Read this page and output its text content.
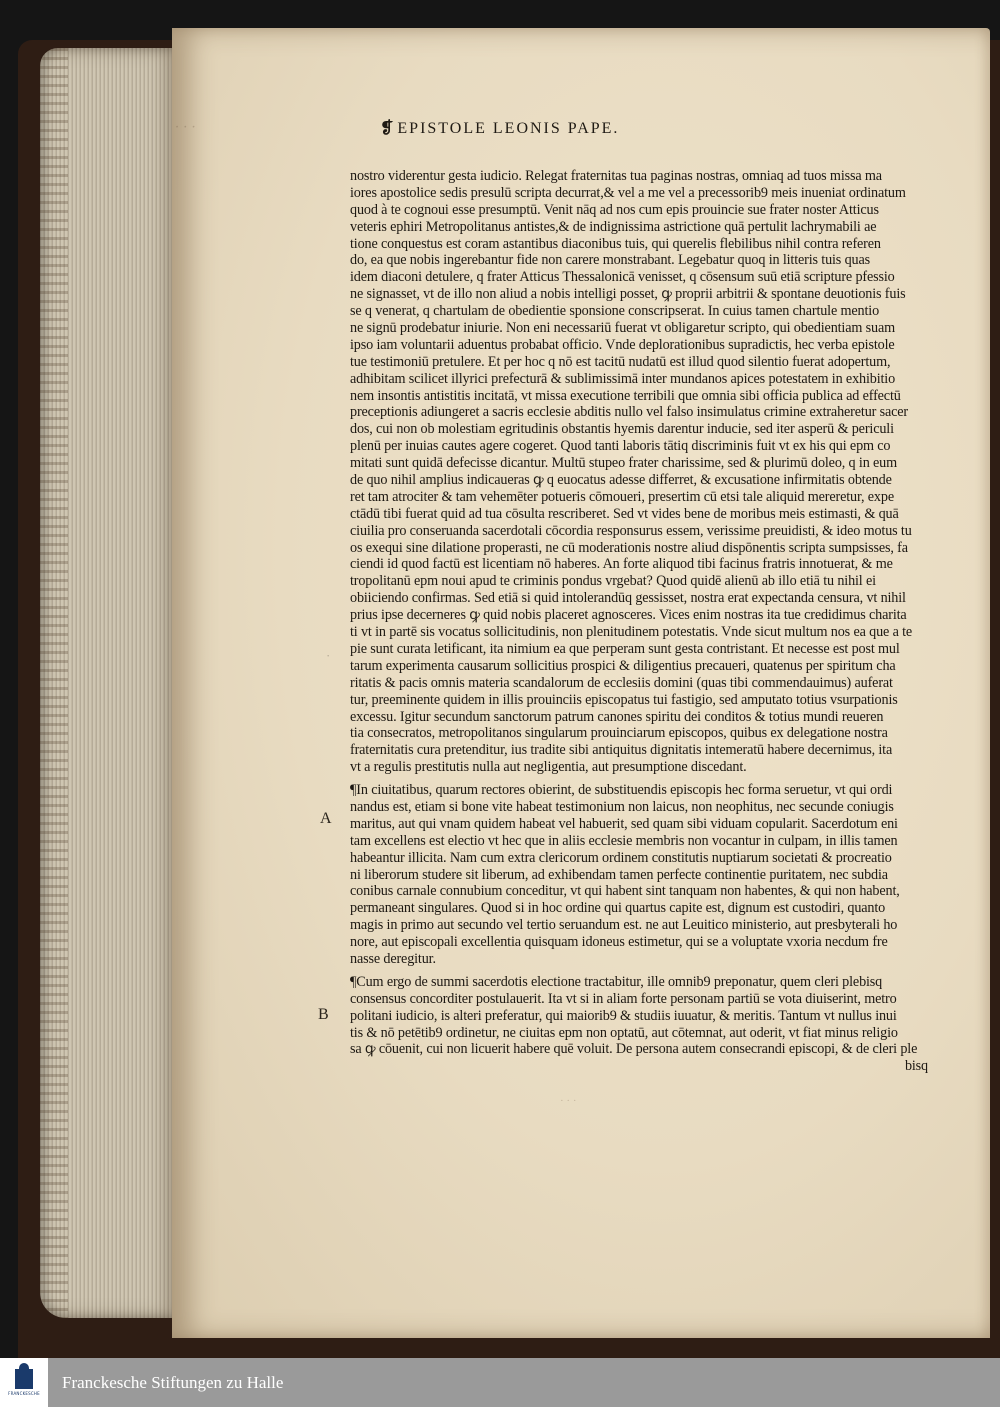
· · ·	❡ EPISTOLE LEONIS PAPE.
nostro viderentur gesta iudicio. Relegat fraternitas tua paginas nostras, omniaq ad tuos missa ma
iores apostolice sedis presulū scripta decurrat,& vel a me vel a precessorib9 meis inueniat ordinatum
quod à te cognoui esse presumptū. Venit nāq ad nos cum epis prouincie sue frater noster Atticus
veteris ephiri Metropolitanus antistes,& de indignissima astrictione quā pertulit lachrymabili ae
tione conquestus est coram astantibus diaconibus tuis, qui querelis flebilibus nihil contra referen
do, ea que nobis ingerebantur fide non carere monstrabant. Legebatur quoq in litteris tuis quas
idem diaconi detulere, q frater Atticus Thessalonicā venisset, q cōsensum suū etiā scripture pfessio
ne signasset, vt de illo non aliud a nobis intelligi posset, ꝙ proprii arbitrii & spontane deuotionis fuis
se q venerat, q chartulam de obedientie sponsione conscripserat. In cuius tamen chartule mentio
ne signū prodebatur iniurie. Non eni necessariū fuerat vt obligaretur scripto, qui obedientiam suam
ipso iam voluntarii aduentus probabat officio. Vnde deplorationibus supradictis, hec verba epistole
tue testimoniū pretulere. Et per hoc q nō est tacitū nudatū est illud quod silentio fuerat adopertum,
adhibitam scilicet illyrici prefecturā & sublimissimā inter mundanos apices potestatem in exhibitio
nem insontis antistitis incitatā, vt missa executione terribili que omnia sibi officia publica ad effectū
preceptionis adiungeret a sacris ecclesie abditis nullo vel falso insimulatus crimine extraheretur sacer
dos, cui non ob molestiam egritudinis obstantis hyemis darentur inducie, sed iter asperū & periculi
plenū per inuias cautes agere cogeret. Quod tanti laboris tātiq discriminis fuit vt ex his qui epm co
mitati sunt quidā defecisse dicantur. Multū stupeo frater charissime, sed & plurimū doleo, q in eum
de quo nihil amplius indicaueras ꝙ q euocatus adesse differret, & excusatione infirmitatis obtende
ret tam atrociter & tam vehemēter potueris cōmoueri, presertim cū etsi tale aliquid mereretur, expe
ctādū tibi fuerat quid ad tua cōsulta rescriberet. Sed vt vides bene de moribus meis estimasti, & quā
ciuilia pro conseruanda sacerdotali cōcordia responsurus essem, verissime preuidisti, & ideo motus tu
os exequi sine dilatione properasti, ne cū moderationis nostre aliud dispōnentis scripta sumpsisses, fa
ciendi id quod factū est licentiam nō haberes. An forte aliquod tibi facinus fratris innotuerat, & me
tropolitanū epm noui apud te criminis pondus vrgebat? Quod quidē alienū ab illo etiā tu nihil ei
obiiciendo confirmas. Sed etiā si quid intolerandūq gessisset, nostra erat expectanda censura, vt nihil
prius ipse decerneres ꝙ quid nobis placeret agnosceres. Vices enim nostras ita tue credidimus charita
ti vt in partē sis vocatus sollicitudinis, non plenitudinem potestatis. Vnde sicut multum nos ea que a te
pie sunt curata letificant, ita nimium ea que perperam sunt gesta contristant. Et necesse est post mul
tarum experimenta causarum sollicitius prospici & diligentius precaueri, quatenus per spiritum cha
ritatis & pacis omnis materia scandalorum de ecclesiis domini (quas tibi commendauimus) auferat
tur, preeminente quidem in illis prouinciis episcopatus tui fastigio, sed amputato totius vsurpationis
excessu. Igitur secundum sanctorum patrum canones spiritu dei conditos & totius mundi reueren
tia consecratos, metropolitanos singularum prouinciarum episcopos, quibus ex delegatione nostra
fraternitatis cura pretenditur, ius tradite sibi antiquitus dignitatis intemeratū habere decernimus, ita
vt a regulis prestitutis nulla aut negligentia, aut presumptione discedant.
¶In ciuitatibus, quarum rectores obierint, de substituendis episcopis hec forma seruetur, vt qui ordi
nandus est, etiam si bone vite habeat testimonium non laicus, non neophitus, nec secunde coniugis
maritus, aut qui vnam quidem habeat vel habuerit, sed quam sibi viduam copularit. Sacerdotum eni
tam excellens est electio vt hec que in aliis ecclesie membris non vocantur in culpam, in illis tamen
habeantur illicita. Nam cum extra clericorum ordinem constitutis nuptiarum societati & procreatio
ni liberorum studere sit liberum, ad exhibendam tamen perfecte continentie puritatem, nec subdia
conibus carnale connubium conceditur, vt qui habent sint tanquam non habentes, & qui non habent,
permaneant singulares. Quod si in hoc ordine qui quartus capite est, dignum est custodiri, quanto
magis in primo aut secundo vel tertio seruandum est. ne aut Leuitico ministerio, aut presbyterali ho
nore, aut episcopali excellentia quisquam idoneus estimetur, qui se a voluptate vxoria necdum fre
nasse deregitur.
¶Cum ergo de summi sacerdotis electione tractabitur, ille omnib9 preponatur, quem cleri plebisq
consensus concorditer postulauerit. Ita vt si in aliam forte personam partiū se vota diuiserint, metro
politani iudicio, is alteri preferatur, qui maiorib9 & studiis iuuatur, & meritis. Tantum vt nullus inui
tis & nō petētib9 ordinetur, ne ciuitas epm non optatū, aut cōtemnat, aut oderit, vt fiat minus religio
sa ꝙ cōuenit, cui non licuerit habere quē voluit. De persona autem consecrandi episcopi, & de cleri ple
bisq
A
B
·
· · ·
FRANCKESCHE
Franckesche Stiftungen zu Halle
